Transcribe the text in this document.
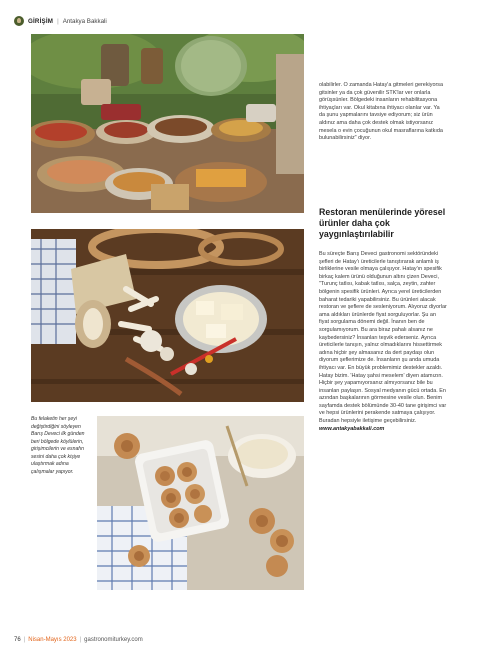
GİRİŞİM | Antakya Bakkali
Bu felaketin her şeyi değiştirdiğini söyleyen Barış Deveci ilk günden beri bölgede köylülerin, girişimcilerin ve esnafın sesini daha çok kişiye ulaştırmak adına çalışmalar yapıyor.
olabilirler. O zamanda Hatay'a gitmeleri gerekiyorsa gitsinler ya da çok güvenilir STK'lar ver onlarla görüşsünler. Bölgedeki insanların rehabilitasyona ihtiyaçları var. Okul kitabına ihtiyacı olanlar var. Ya da şunu yapmalarını tavsiye ediyorum; siz ürün aldınız ama daha çok destek olmak istiyorsanız mesela o evin çocuğunun okul masraflarına katkıda bulunabilirsiniz" diyor.
Restoran menülerinde yöresel ürünler daha çok yaygınlaştırılabilir
Bu süreçte Barış Deveci gastronomi sektöründeki şefleri de Hatay'ı üreticilerle tanıştırarak anlamlı iş birliklerine vesile olmaya çalışıyor. Hatay'ın spesifik birkaç kalem ürünü olduğunun altını çizen Deveci, "Turunç tatlısı, kabak tatlısı, salça, zeytin, zahter bölgenin spesifik ürünleri. Ayrıca yerel üreticilerden baharat tedariki yapabilirsiniz. Bu ürünleri alacak restoran ve şeflere de sesleniyorum. Alıyoruz diyorlar ama aldıkları ürünlerde fiyat sorguluyorlar. Şu an fiyat sorgulama dönemi değil. İnanın ben de sorgulamıyorum. Bu ara biraz pahalı alsanız ne kaybedersiniz? İnsanları teşvik ederseniz. Ayrıca üreticilerle tanışın, yalnız olmadıklarını hissettirmek adına hiçbir şey almasanız da dert paydaşı olun diyorum şeflerimize de. İnsanların şu anda umuda ihtiyacı var. En büyük problemimiz destekler azaldı. Hatay bizim. 'Hatay şahsi meselem' diyen atamızın. Hiçbir şey yapamıyorsanız almıyorsanız bile bu insanları paylaşın. Sosyal medyanın gücü ortada. En azından başkalarının görmesine vesile olun. Benim sayfamda destek bölümünde 30-40 tane girişimci var ve hepsi ürünlerini perakende satmaya çalışıyor. Buradan hepsiyle iletişime geçebilirsiniz.
www.antakyabakkali.com
76 | Nisan-Mayıs 2023 | gastronomiturkey.com
